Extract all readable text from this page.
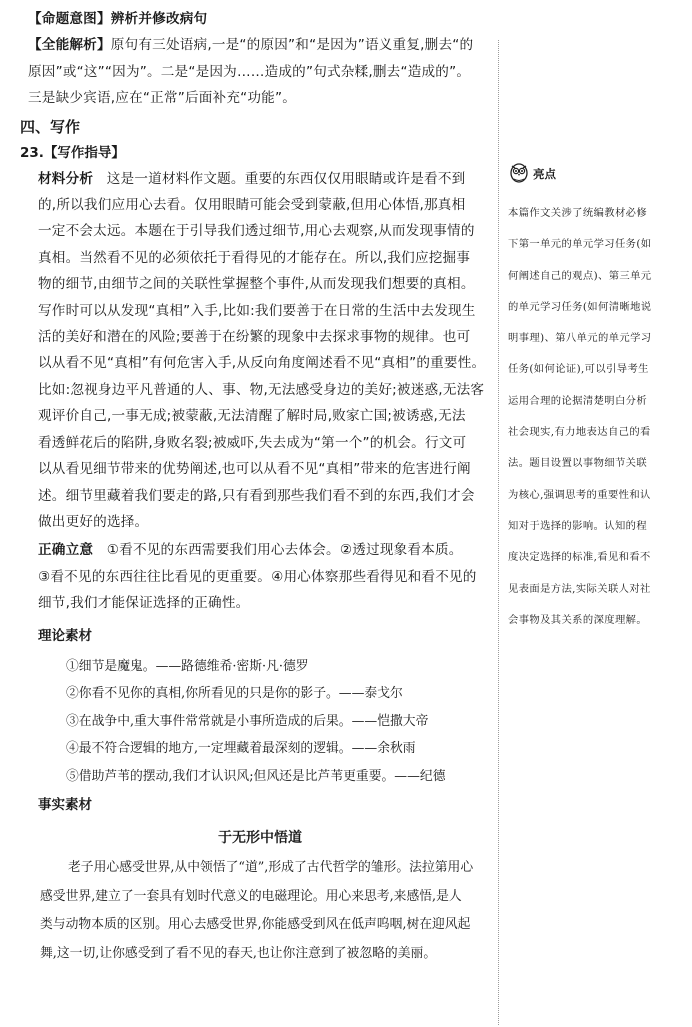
【命题意图】辨析并修改病句

【全能解析】原句有三处语病,一是“的原因”和“是因为”语义重复,删去“的

原因”或“这”“因为”。二是“是因为……造成的”句式杂糅,删去“造成的”。

三是缺少宾语,应在“正常”后面补充“功能”。

四、写作

23.【写作指导】

材料分析 这是一道材料作文题。重要的东西仅仅用眼睛或许是看不到

的,所以我们应用心去看。仅用眼睛可能会受到蒙蔽,但用心体悟,那真相

一定不会太远。本题在于引导我们透过细节,用心去观察,从而发现事情的

真相。当然看不见的必须依托于看得见的才能存在。所以,我们应挖掘事

物的细节,由细节之间的关联性掌握整个事件,从而发现我们想要的真相。

写作时可以从发现“真相”入手,比如:我们要善于在日常的生活中去发现生

活的美好和潜在的风险;要善于在纷繁的现象中去探求事物的规律。也可

以从看不见“真相”有何危害入手,从反向角度阐述看不见“真相”的重要性。

比如:忽视身边平凡普通的人、事、物,无法感受身边的美好;被迷惑,无法客

观评价自己,一事无成;被蒙蔽,无法清醒了解时局,败家亡国;被诱惑,无法

看透鲜花后的陷阱,身败名裂;被威吓,失去成为“第一个”的机会。行文可

以从看见细节带来的优势阐述,也可以从看不见“真相”带来的危害进行阐

述。细节里藏着我们要走的路,只有看到那些我们看不到的东西,我们才会

做出更好的选择。

正确立意 ①看不见的东西需要我们用心去体会。②透过现象看本质。

③看不见的东西往往比看见的更重要。④用心体察那些看得见和看不见的

细节,我们才能保证选择的正确性。

理论素材

①细节是魔鬼。——路德维希·密斯·凡·德罗

②你看不见你的真相,你所看见的只是你的影子。——泰戈尔

③在战争中,重大事件常常就是小事所造成的后果。——恺撒大帝

④最不符合逻辑的地方,一定埋藏着最深刻的逻辑。——余秋雨

⑤借助芦苇的摆动,我们才认识风;但风还是比芦苇更重要。——纪德

事实素材

于无形中悟道

老子用心感受世界,从中领悟了“道”,形成了古代哲学的雏形。法拉第用心

感受世界,建立了一套具有划时代意义的电磁理论。用心来思考,来感悟,是人

类与动物本质的区别。用心去感受世界,你能感受到风在低声呜咽,树在迎风起

舞,这一切,让你感受到了看不见的春天,也让你注意到了被忽略的美丽。

亮点

本篇作文关涉了统编教材必修

下第一单元的单元学习任务(如

何阐述自己的观点)、第三单元

的单元学习任务(如何清晰地说

明事理)、第八单元的单元学习

任务(如何论证),可以引导考生

运用合理的论据清楚明白分析

社会现实,有力地表达自己的看

法。题目设置以事物细节关联

为核心,强调思考的重要性和认

知对于选择的影响。认知的程

度决定选择的标准,看见和看不

见表面是方法,实际关联人对社

会事物及其关系的深度理解。
